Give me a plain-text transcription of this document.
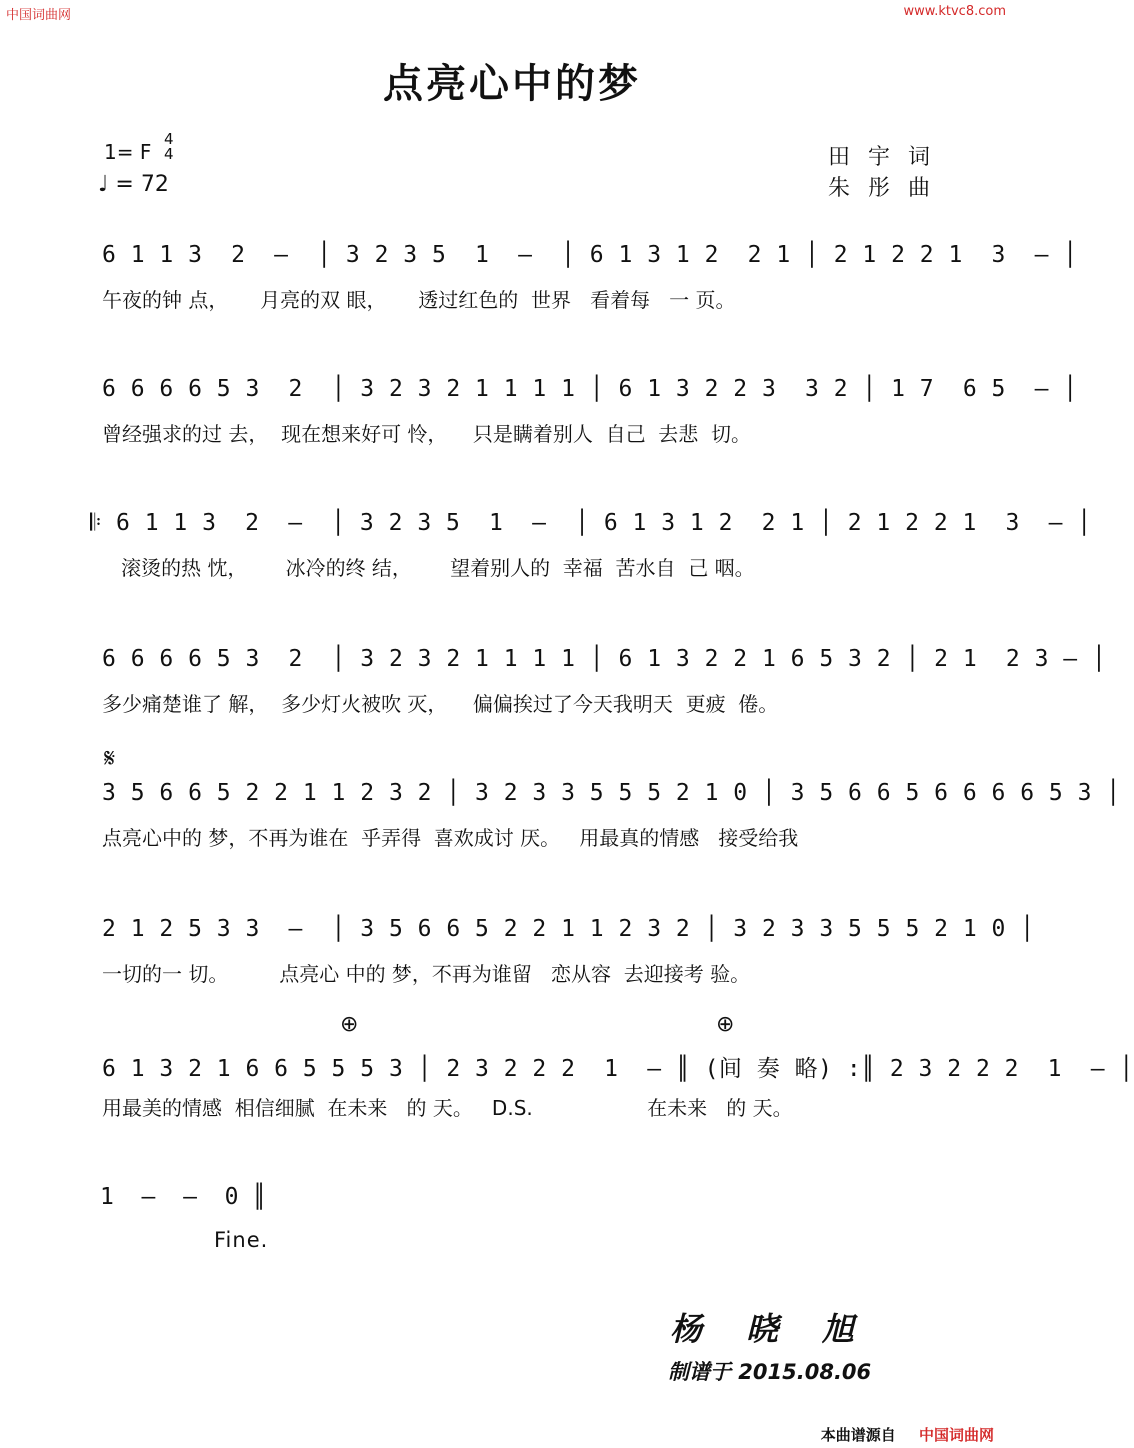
中国词曲网	www.ktvc8.com
点亮心中的梦
1= F
4
4
♩ = 72
田宇词
朱彤曲
6 1 1 3  2  –  │ 3 2 3 5  1  –  │ 6 1 3 1 2  2 1 │ 2 1 2 2 1  3  – │
午夜的钟 点，     月亮的双 眼，     透过红色的  世界   看着每   一 页。
6 6 6 6 5 3  2  │ 3 2 3 2 1 1 1 1 │ 6 1 3 2 2 3  3 2 │ 1 7  6 5  – │
曾经强求的过 去，  现在想来好可 怜，    只是瞒着别人  自己  去悲  切。
𝄆 6 1 1 3  2  –  │ 3 2 3 5  1  –  │ 6 1 3 1 2  2 1 │ 2 1 2 2 1  3  – │
滚烫的热 忱，      冰冷的终 结，      望着别人的  幸福  苦水自  己 咽。
6 6 6 6 5 3  2  │ 3 2 3 2 1 1 1 1 │ 6 1 3 2 2 1 6 5 3 2 │ 2 1  2 3 – │
多少痛楚谁了 解，  多少灯火被吹 灭，    偏偏挨过了今天我明天  更疲  倦。
𝄋
3 5 6 6 5 2 2 1 1 2 3 2 │ 3 2 3 3 5 5 5 2 1 0 │ 3 5 6 6 5 6 6 6 6 5 3 │
点亮心中的 梦，不再为谁在  乎弄得  喜欢成讨 厌。   用最真的情感   接受给我
2 1 2 5 3 3  –  │ 3 5 6 6 5 2 2 1 1 2 3 2 │ 3 2 3 3 5 5 5 2 1 0 │
一切的一 切。        点亮心 中的 梦，不再为谁留   恋从容  去迎接考 验。
⊕	⊕
6 1 3 2 1 6 6 5 5 5 3 │ 2 3 2 2 2  1  – ║ (间 奏 略) :║ 2 3 2 2 2  1  – │
用最美的情感  相信细腻  在未来   的 天。   D.S.                  在未来   的 天。
1  –  –  0 ║
Fine.
杨晓旭
制谱于 2015.08.06
本曲谱源自 中国词曲网
